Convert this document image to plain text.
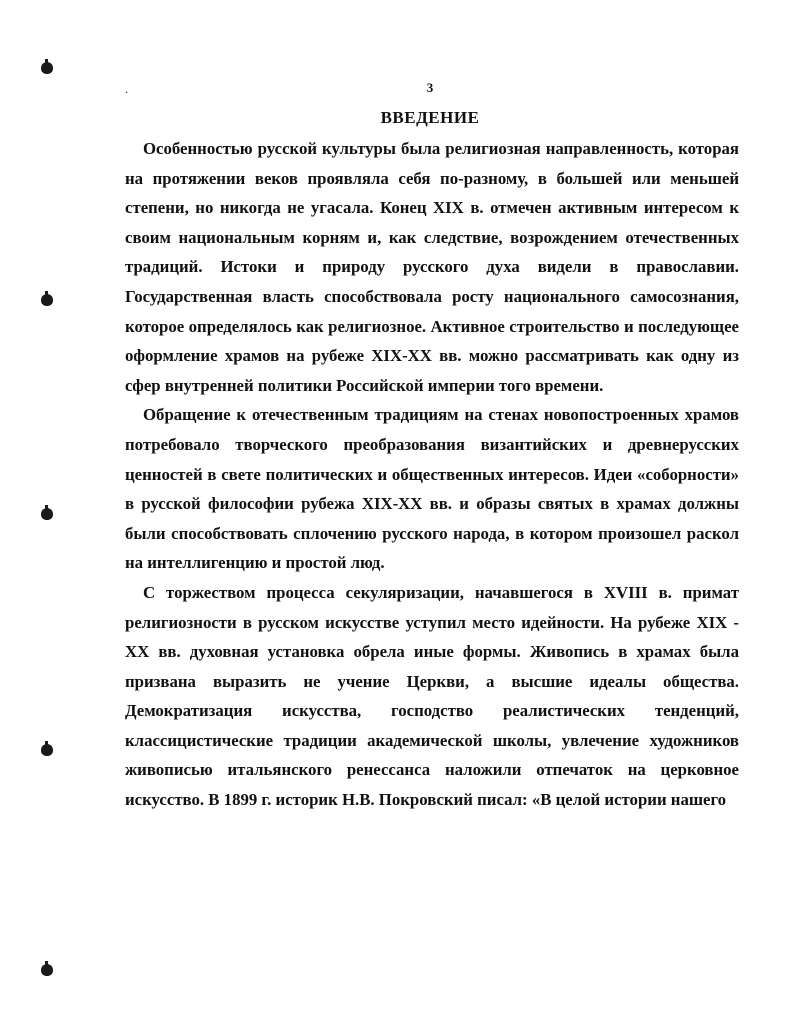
.	3
ВВЕДЕНИЕ

Особенностью русской культуры была религиозная направленность, которая на протяжении веков проявляла себя по-разному, в большей или меньшей степени, но никогда не угасала. Конец XIX в. отмечен активным интересом к своим национальным корням и, как следствие, возрождением отечественных традиций. Истоки и природу русского духа видели в православии. Государственная власть способствовала росту национального самосознания, которое определялось как религиозное. Активное строительство и последующее оформление храмов на рубеже XIX-XX вв. можно рассматривать как одну из сфер внутренней политики Российской империи того времени.

Обращение к отечественным традициям на стенах новопостроенных храмов потребовало творческого преобразования византийских и древнерусских ценностей в свете политических и общественных интересов. Идеи «соборности» в русской философии рубежа XIX-XX вв. и образы святых в храмах должны были способствовать сплочению русского народа, в котором произошел раскол на интеллигенцию и простой люд.

С торжеством процесса секуляризации, начавшегося в XVIII в. примат религиозности в русском искусстве уступил место идейности. На рубеже XIX - XX вв. духовная установка обрела иные формы. Живопись в храмах была призвана выразить не учение Церкви, а высшие идеалы общества. Демократизация искусства, господство реалистических тенденций, классицистические традиции академической школы, увлечение художников живописью итальянского ренессанса наложили отпечаток на церковное искусство. В 1899 г. историк Н.В. Покровский писал: «В целой истории нашего
